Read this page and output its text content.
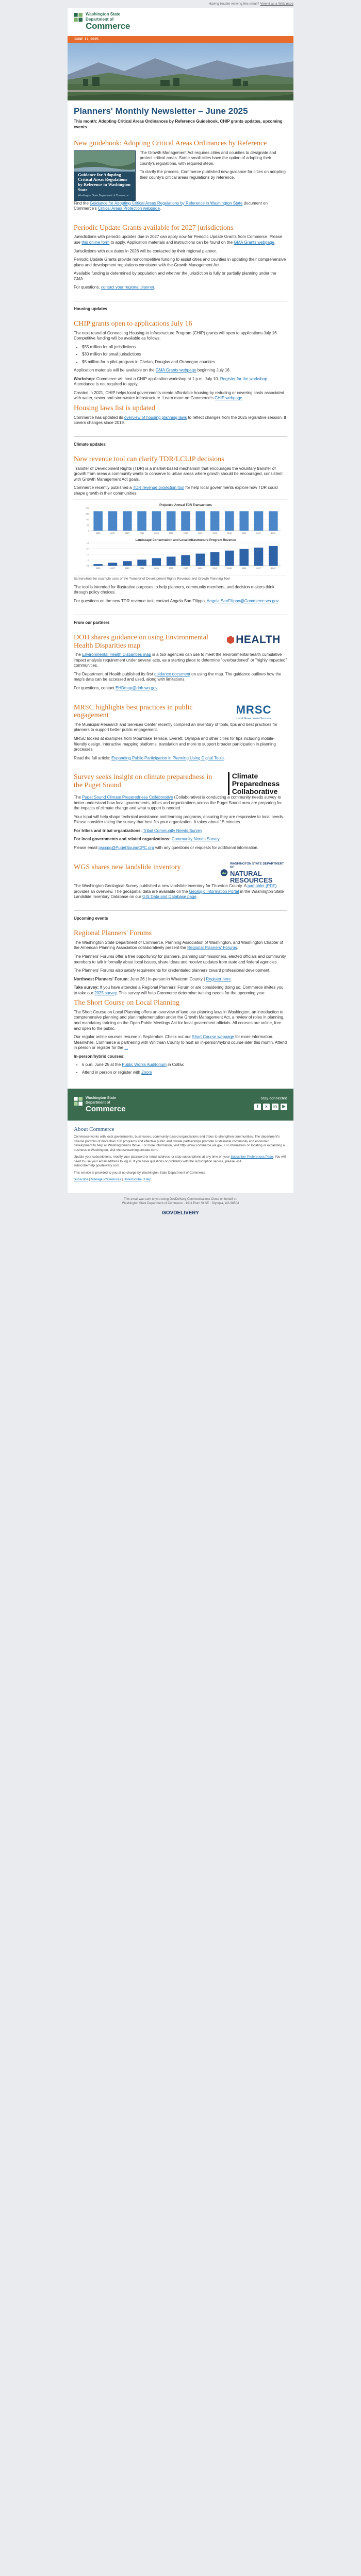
Having trouble viewing this email? View it as a Web page
Washington State
Department of
Commerce
JUNE 17, 2025
Planners' Monthly Newsletter – June 2025

This month: Adopting Critical Areas Ordinances by Reference Guidebook, CHIP grants updates, upcoming events

New guidebook: Adopting Critical Areas Ordinances by Reference
Guidance for Adopting Critical Areas Regulations by Reference in Washington State
Washington State Department of Commerce

The Growth Management Act requires cities and counties to designate and protect critical areas. Some small cities have the option of adopting their county's regulations, with required steps.

To clarify the process, Commerce published new guidance for cities on adopting their county's critical areas regulations by reference.

Find the Guidance for Adopting Critical Areas Regulations by Reference in Washington State document on Commerce's Critical Areas Protection webpage.

Periodic Update Grants available for 2027 jurisdictions

Jurisdictions with periodic updates due in 2027 can apply now for Periodic Update Grants from Commerce. Please use this online form to apply. Application materials and instructions can be found on the GMA Grants webpage.

Jurisdictions with due dates in 2026 will be contacted by their regional planner.

Periodic Update Grants provide noncompetitive funding to assist cities and counties in updating their comprehensive plans and development regulations consistent with the Growth Management Act.

Available funding is determined by population and whether the jurisdiction is fully or partially planning under the GMA.

For questions, contact your regional planner.

Housing updates
CHIP grants open to applications July 16

The next round of Connecting Housing to Infrastructure Program (CHIP) grants will open to applications July 16. Competitive funding will be available as follows:

• $55 million for all jurisdictions
• $30 million for small jurisdictions
• $5 million for a pilot program in Chelan, Douglas and Okanogan counties

Application materials will be available on the GMA Grants webpage beginning July 16.

Workshop: Commerce will host a CHIP application workshop at 1 p.m. July 10. Register for the workshop. Attendance is not required to apply.

Created in 2021, CHIP helps local governments create affordable housing by reducing or covering costs associated with water, sewer and stormwater infrastructure. Learn more on Commerce's CHIP webpage.

Housing laws list is updated

Commerce has updated its overview of housing planning laws to reflect changes from the 2025 legislative session. It covers changes since 2019.

Climate updates
New revenue tool can clarify TDR/LCLIP decisions

Transfer of Development Rights (TDR) is a market-based mechanism that encourages the voluntary transfer of growth from areas a community wants to conserve to urban areas where growth should be encouraged, consistent with Growth Management Act goals.

Commerce recently published a TDR revenue projection tool for help local governments explore how TDR could shape growth in their communities:

Projected Annual TDR Transactions
0
88
175
263
350
2025	2027	2029	2031	2033	2035	2037	2039	2041	2043	2045	2047	2049
Landscape Conservation and Local Infrastructure Program Revenue
0.0
1.1
2.3
3.4
4.5
2025	2027	2029	2031	2033	2035	2037	2039	2041	2043	2045	2047	2049
Screenshots for example uses of the Transfer of Development Rights Revenue and Growth Planning Tool

The tool is intended for illustrative purposes to help planners, community members, and decision makers think through policy choices.

For questions on the new TDR revenue tool, contact Angela San Filippo, Angela.SanFilippo@Commerce.wa.gov.

From our partners
DOH shares guidance on using Environmental Health Disparities map
HEALTH

The Environmental Health Disparities map is a tool agencies can use to meet the environmental health cumulative impact analysis requirement under several acts, as a starting place to determine "overburdened" or "highly impacted" communities.

The Department of Health published its first guidance document on using the map. The guidance outlines how the map's data can be accessed and used, along with limitations.

For questions, contact EHDmap@doh.wa.gov.

MRSC highlights best practices in public engagement	MRSC
Local Government Success

The Municipal Research and Services Center recently compiled an inventory of tools, tips and best practices for planners to support better public engagement.

MRSC looked at examples from Mountlake Terrace, Everett, Olympia and other cities for tips including mobile-friendly design, interactive mapping platforms, translation and more to support broader participation in planning processes.

Read the full article: Expanding Public Participation in Planning Using Digital Tools.

Survey seeks insight on climate preparedness in the Puget Sound
Climate
Preparedness
Collaborative

The Puget Sound Climate Preparedness Collaborative (Collaborative) is conducting a community needs survey to better understand how local governments, tribes and organizations across the Puget Sound area are preparing for the impacts of climate change and what support is needed.

Your input will help shape technical assistance and learning programs, ensuring they are responsive to local needs. Please consider taking the survey that best fits your organization. It takes about 15 minutes.

For tribes and tribal organizations: Tribal Community Needs Survey

For local governments and related organizations: Community Needs Survey

Please email psccpc@PugetSoundCPC.org with any questions or requests for additional information.

WGS shares new landslide inventory	WASHINGTON STATE DEPARTMENT OF
NATURAL RESOURCES

The Washington Geological Survey published a new landslide inventory for Thurston County. A pamphlet (PDF) provides an overview. The geospatial data are available on the Geologic Information Portal in the Washington State Landslide Inventory Database on our GIS Data and Database page.

Upcoming events
Regional Planners' Forums

The Washington State Department of Commerce, Planning Association of Washington, and Washington Chapter of the American Planning Association collaboratively present the Regional Planners' Forums.

The Planners' Forums offer a free opportunity for planners, planning commissioners, elected officials and community members to talk informally about local issues, share ideas and receive updates from state and federal agencies.

The Planners' Forums also satisfy requirements for credentialed planners toward professional development.

Northwest Planners' Forum: June 26 | In-person in Whatcom County | Register here

Take survey: If you have attended a Regional Planners' Forum or are considering doing so, Commerce invites you to take our 2025 survey. This survey will help Commerce determine training needs for the upcoming year.

The Short Course on Local Planning

The Short Course on Local Planning offers an overview of land use planning laws in Washington, an introduction to comprehensive planning and plan implementation under the Growth Management Act, a review of roles in planning, and mandatory training on the Open Public Meetings Act for local government officials. All courses are online, free and open to the public.

Our regular online courses resume in September. Check out our Short Course webpage for more information. Meanwhile, Commerce is partnering with Whitman County to host an in-person/hybrid course later this month. Attend in person or register for the ...

In-person/hybrid courses:

• 6 p.m. June 25 at the Public Works Auditorium in Colfax
• Attend in person or register with Zoom
Washington State
Department of
Commerce
Stay connected
f	x	in	▶
About Commerce

Commerce works with local governments, businesses, community-based organizations and tribes to strengthen communities. The department's diverse portfolio of more than 100 programs and effective public and private partnerships promote sustainable community and economic development to help all Washingtonians thrive. For more information, visit http://www.commerce.wa.gov. For information on locating or expanding a business in Washington, visit choosewashingtonstate.com.

Update your subscriptions, modify your password or email address, or stop subscriptions at any time on your Subscriber Preferences Page. You will need to use your email address to log in. If you have questions or problems with the subscription service, please visit subscriberhelp.govdelivery.com.

This service is provided to you at no charge by Washington State Department of Commerce.

Subscribe | Manage Preferences | Unsubscribe | Help

This email was sent to you using GovDelivery Communications Cloud on behalf of:
Washington State Department of Commerce · 1011 Plum St SE · Olympia, WA 98504
GOVDELIVERY
